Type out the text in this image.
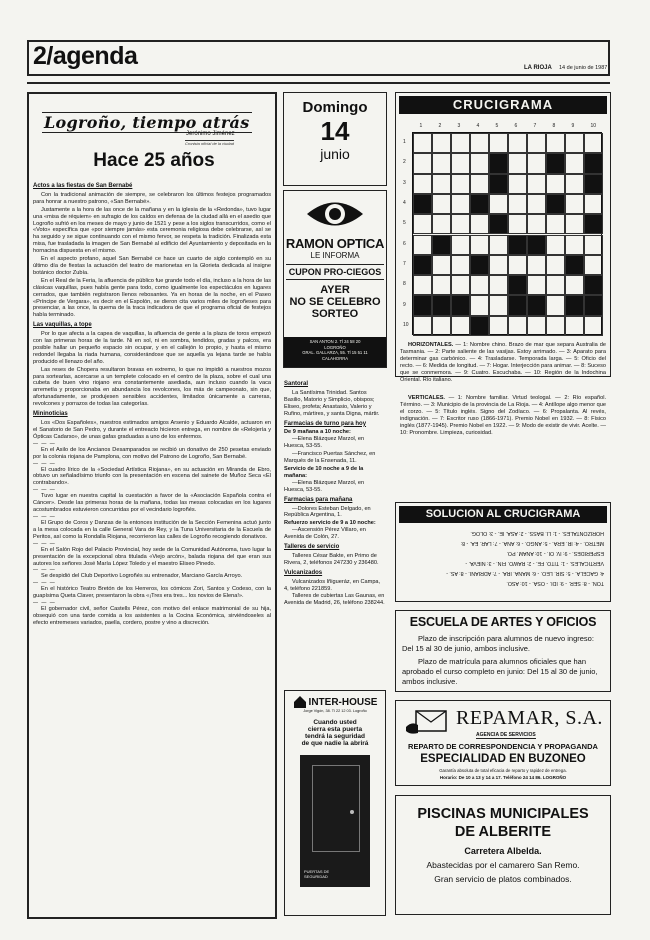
2/agenda	LA RIOJA 14 de junio de 1987
Logroño, tiempo atrás
Jerónimo Jiménez
Cronista oficial de la ciudad
Hace 25 años
Actos a las fiestas de San Bernabé

Con la tradicional animación de siempre, se celebraron los últimos festejos programados para honrar a nuestro patrono, «San Bernabé».

Justamente a la hora de las once de la mañana y en la iglesia de la «Redonda», tuvo lugar una «misa de réquiem» en sufragio de los caídos en defensa de la ciudad allá en el asedio que Logroño sufrió en los meses de mayo y junio de 1521 y pese a los siglos transcurridos, como el «Voto» específica que «por siempre jamás» esta ceremonia religiosa debe celebrarse, así se ha seguido y se sigue continuando con el mismo fervor, se respeta la tradición. Finalizada esta misa, fue trasladada la imagen de San Bernabé al edificio del Ayuntamiento y depositada en la hornacina dispuesta en el mismo.

En el aspecto profano, aquel San Bernabé ce hace un cuarto de siglo contempló en su último día de fiestas la actuación del teatro de marionetas en la Glorieta dedicada al insigne botánico doctor Zubía.

En el Real de la Feria, la afluencia de público fue grande todo el día, incluso a la hora de las clásicas vaquillas, pues había gente para todo, como igualmente los espectáculos en lugares cerrados, que también registraron llenos rebosantes. Ya en horas de la noche, en el Paseo «Príncipe de Vergara», es decir en el Espolón, se dieron cita varios miles de logroñeses para presenciar, a las once, la quema de la traca indicadora de que el programa oficial de festejos había terminado.

Las vaquillas, a tope

Por lo que afecta a la capea de vaquillas, la afluencia de gente a la plaza de toros empezó con las primeras horas de la tarde. Ni en sol, ni en sombra, tendidos, gradas y palcos, era posible hallar un pequeño espacio sin ocupar, y en el callejón lo propio, y hasta el mismo redondel llegaba la riada humana, considerándose que se aquella ya lejana tarde se había producido el llenazo del año.

Las reses de Chopera resultaron bravas en extremo, lo que no impidió a nuestros mozos para sortearlas, acercarse a un templete colocado en el centro de la plaza, sobre el cual una cubeta de buen vino riojano era constantemente asediada, aun incluso cuando la vaca arremetía y proporcionaba en abundancia los revolcones, los más de campeonato, sin que, afortunadamente, se produjesen sensibles accidentes, limitados únicamente a carreras, revolcones y porrazos de todas las categorías.

Mininoticias

Los «Dos Españoles», nuestros estimados amigos Arsenio y Eduardo Alcalde, actuaron en el Sanatorio de San Pedro, y durante el entreacto hicieron entrega, en nombre de «Relojería y Ópticas Cadarso», de unas gafas graduadas a uno de los enfermos.

— — —

En el Asilo de los Ancianos Desamparados se recibió un donativo de 250 pesetas enviado por la colonia riojana de Pamplona, con motivo del Patrono de Logroño, San Bernabé.

— — —

El cuadro lírico de la «Sociedad Artística Riojana», en su actuación en Miranda de Ebro, obtuvo un señaladísimo triunfo con la presentación en escena del sainete de Muñoz Seca «El contrabando».

— — —

Tuvo lugar en nuestra capital la cuestación a favor de la «Asociación Española contra el Cáncer». Desde las primeras horas de la mañana, todas las mesas colocadas en los lugares acostumbrados estuvieron concurridas por el vecindario logroñés.

— — —

El Grupo de Coros y Danzas de la entonces institución de la Sección Femenina actuó junto a la mesa colocada en la calle General Vara de Rey, y la Tuna Universitaria de la Escuela de Peritos, así como la Rondalla Riojana, recorrieron las calles de Logroño recogiendo donativos.

— — —

En el Salón Rojo del Palacio Provincial, hoy sede de la Comunidad Autónoma, tuvo lugar la presentación de la excepcional obra titulada «Viejo arcón», balada riojana del que eran sus autores los señores José María López Toledo y el maestro Eliseo Pinedo.

— — —

Se despidió del Club Deportivo Logroñés su entrenador, Marciano García Arroyo.

— — —

En el histórico Teatro Bretón de los Herreros, los cómicos Zori, Santos y Codeso, con la guapísima Queta Claver, presentaron la obra «¡Tres era tres... los novios de Elena!».

— — —

El gobernador civil, señor Castells Pérez, con motivo del enlace matrimonial de su hija, obsequió con una tarde comida a los asistentes a la Cocina Económica, sirviéndoseles al efecto entremeses variados, paella, cordero, postre y vino a discreción.

Domingo
14
junio
RAMON OPTICA
LE INFORMA
CUPON PRO-CIEGOS
AYER
NO SE CELEBRO
SORTEO
SAN ANTON 2. Tl 24 58 20
LOGROÑO
GRAL. GALLARZA, 55. Tl 15 51 11
CALAHORRA
Santoral

La Santísima Trinidad. Santos Basilio, Matorio y Simplicio, obispos; Eliseo, profeta; Anastasio, Valerio y Rufino, mártires, y santa Digna, mártir.

Farmacias de turno para hoy
De 9 mañana a 10 noche:

—Elena Blázquez Marzol, en Huesca, 53-55.

—Francisco Puertas Sánchez, en Marqués de la Ensenada, 11.

Servicio de 10 noche a 9 de la mañana:

—Elena Blázquez Marzol, en Huesca, 53-55.

Farmacias para mañana

—Dolores Esteban Delgado, en República Argentina, 1.

Refuerzo servicio de 9 a 10 noche:

—Ascensión Pérez Villaro, en Avenida de Colón, 27.

Talleres de servicio

Talleres César Bakte, en Primo de Rivera, 2, teléfonos 247230 y 236480.

Vulcanizados

Vulcanizados Iñigueráz, en Campa, 4, teléfono 221859.

Talleres de cubiertas Las Gaunas, en Avenida de Madrid, 26, teléfono 238244.

INTER-HOUSE
Jorge Vigón, 38. Tl 22 12 03. Logroño
Cuando usted
cierra esta puerta
tendrá la seguridad
de que nadie la abrirá
PUERTAS DE SEGURIDAD
CRUCIGRAMA
1	2	3	4	5	6	7	8	9	10
1
2
3
4
5
6
7
8
9
10

HORIZONTALES. — 1: Nombre chino. Brazo de mar que separa Australia de Tasmania. — 2: Parte saliente de las vasijas. Estoy arrimado. — 3: Aparato para determinar gas carbónico. — 4: Trasladarse. Temporada larga. — 5: Oficio del recto. — 6: Medida de longitud. — 7: Hogar. Interjección para animar. — 8: Suceso que se conmemora. — 9: Cuatro. Escuchaba. — 10: Región de la Indochina Oriental. Río italiano.

VERTICALES. — 1: Nombre familiar. Virtud teologal. — 2: Río español. Término. — 3: Municipio de la provincia de La Rioja. — 4: Antílope algo menor que el corzo. — 5: Título inglés. Signo del Zodíaco. — 6: Propalanta. Al revés, indignación. — 7: Escritor ruso (1866-1971). Premio Nobel en 1932. — 8: Físico inglés (1877-1945). Premio Nobel en 1922. — 9: Modo de existir de vivir. Acelte. — 10: Pronombre. Limpieza, curiosidad.

SOLUCION AL CRUCIGRAMA
TON. - 8: SER. - 9: IDI. - OSA. - 10: ASO.
4: GACELA. - 5: SIR. LEO. - 6: MANA. IRA. - 7: ADRIANI. - 8: AS. -
VERTICALES. - 1: TITO. FE. - 2: RAWO. FIN. - 3: NIEVA. -
ESPERIDES. - 9: IV. OI. - 10: ANAM. PO.
METRO. - 4: IR. ERA. - 5: ANGO. - 6: ANA. - 7: LAR. EA. - 8:
HORIZONTALES. - 1: LI. BASS. - 2: ASA. IE. - 3: OLOG.
ESCUELA DE ARTES Y OFICIOS
Plazo de inscripción para alumnos de nuevo ingreso: Del 15 al 30 de junio, ambos inclusive.
Plazo de matrícula para alumnos oficiales que han aprobado el curso completo en junio: Del 15 al 30 de junio, ambos inclusive.
REPAMAR, S.A.
AGENCIA DE SERVICIOS
REPARTO DE CORRESPONDENCIA Y PROPAGANDA
ESPECIALIDAD EN BUZONEO
Garantía absoluta de total eficacia de reparto y rapidez de entrega.
Horario: De 10 a 13 y 14 a 17. Teléfono 24 14 86. LOGROÑO
PISCINAS MUNICIPALES
DE ALBERITE
Carretera Albelda.
Abastecidas por el camarero San Remo.
Gran servicio de platos combinados.
